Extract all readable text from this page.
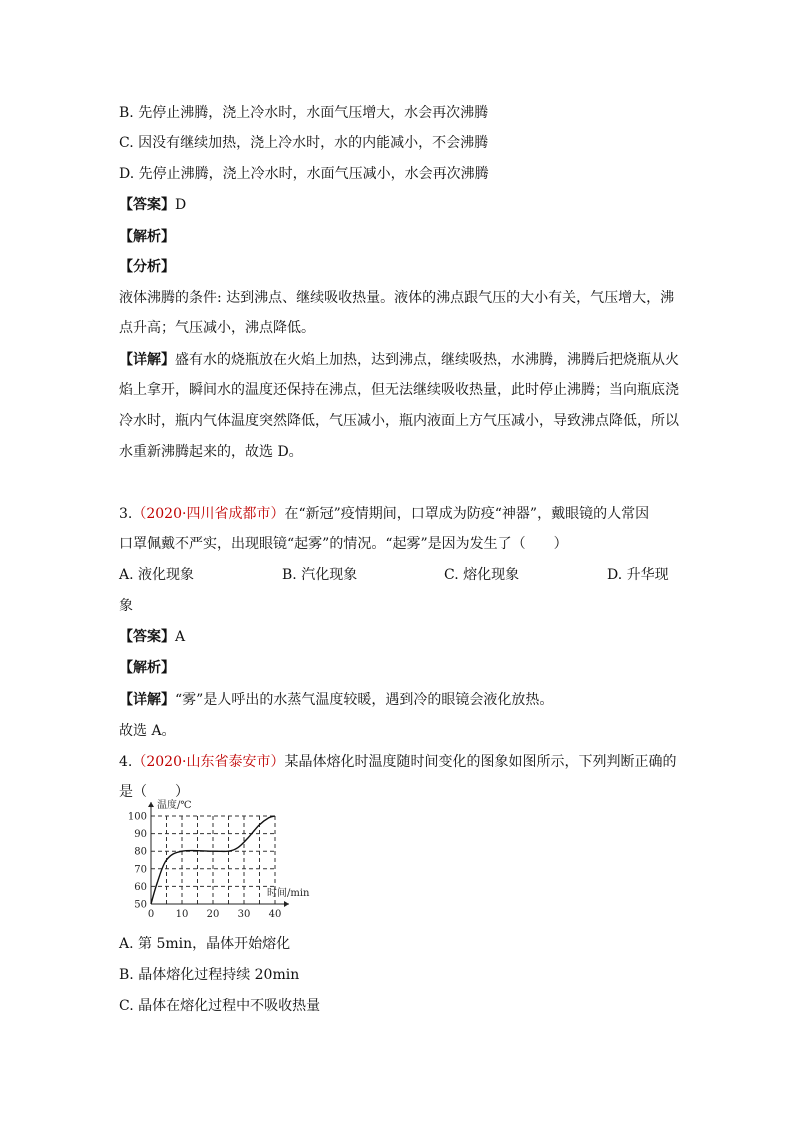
B. 先停止沸腾，浇上冷水时，水面气压增大，水会再次沸腾
C. 因没有继续加热，浇上冷水时，水的内能减小，不会沸腾
D. 先停止沸腾，浇上冷水时，水面气压减小，水会再次沸腾
【答案】D
【解析】
【分析】
液体沸腾的条件: 达到沸点、继续吸收热量。液体的沸点跟气压的大小有关，气压增大，沸
点升高；气压减小，沸点降低。
【详解】盛有水的烧瓶放在火焰上加热，达到沸点，继续吸热，水沸腾，沸腾后把烧瓶从火
焰上拿开，瞬间水的温度还保持在沸点，但无法继续吸收热量，此时停止沸腾；当向瓶底浇
冷水时，瓶内气体温度突然降低，气压减小，瓶内液面上方气压减小，导致沸点降低，所以
水重新沸腾起来的，故选 D。
3.（2020·四川省成都市）在“新冠”疫情期间，口罩成为防疫“神器”，戴眼镜的人常因
口罩佩戴不严实，出现眼镜“起雾”的情况。“起雾”是因为发生了（　　）
A. 液化现象	B. 汽化现象	C. 熔化现象	D. 升华现
象
【答案】A
【解析】
【详解】“雾”是人呼出的水蒸气温度较暖，遇到冷的眼镜会液化放热。
故选 A。
4.（2020·山东省泰安市）某晶体熔化时温度随时间变化的图象如图所示，下列判断正确的
是（　　）
50
60
70
80
90
100
0 10 20 30 40
温度/℃
时间/min
A. 第 5min，晶体开始熔化
B. 晶体熔化过程持续 20min
C. 晶体在熔化过程中不吸收热量
